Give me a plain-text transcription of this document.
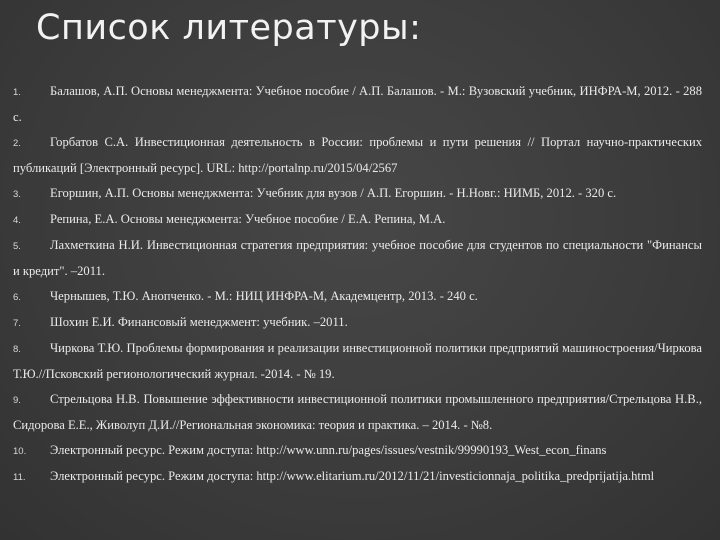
Список литературы:
1. Балашов, А.П. Основы менеджмента: Учебное пособие / А.П. Балашов. - М.: Вузовский учебник, ИНФРА-М, 2012. - 288 с.
2. Горбатов С.А. Инвестиционная деятельность в России: проблемы и пути решения // Портал научно-практических публикаций [Электронный ресурс]. URL: http://portalnp.ru/2015/04/2567
3. Егоршин, А.П. Основы менеджмента: Учебник для вузов / А.П. Егоршин. - Н.Новг.: НИМБ, 2012. - 320 с.
4. Репина, Е.А. Основы менеджмента: Учебное пособие / Е.А. Репина, М.А.
5. Лахметкина Н.И. Инвестиционная стратегия предприятия: учебное пособие для студентов по специальности "Финансы и кредит". –2011.
6. Чернышев, Т.Ю. Анопченко. - М.: НИЦ ИНФРА-М, Академцентр, 2013. - 240 с.
7. Шохин Е.И. Финансовый менеджмент: учебник. –2011.
8. Чиркова Т.Ю. Проблемы формирования и реализации инвестиционной политики предприятий машиностроения/Чиркова Т.Ю.//Псковский регионологический журнал. -2014. - № 19.
9. Стрельцова Н.В. Повышение эффективности инвестиционной политики промышленного предприятия/Стрельцова Н.В., Сидорова Е.Е., Живолуп Д.И.//Региональная экономика: теория и практика. – 2014. - №8.
10. Электронный ресурс. Режим доступа: http://www.unn.ru/pages/issues/vestnik/99990193_West_econ_finans
11. Электронный ресурс. Режим доступа: http://www.elitarium.ru/2012/11/21/investicionnaja_politika_predprijatija.html
